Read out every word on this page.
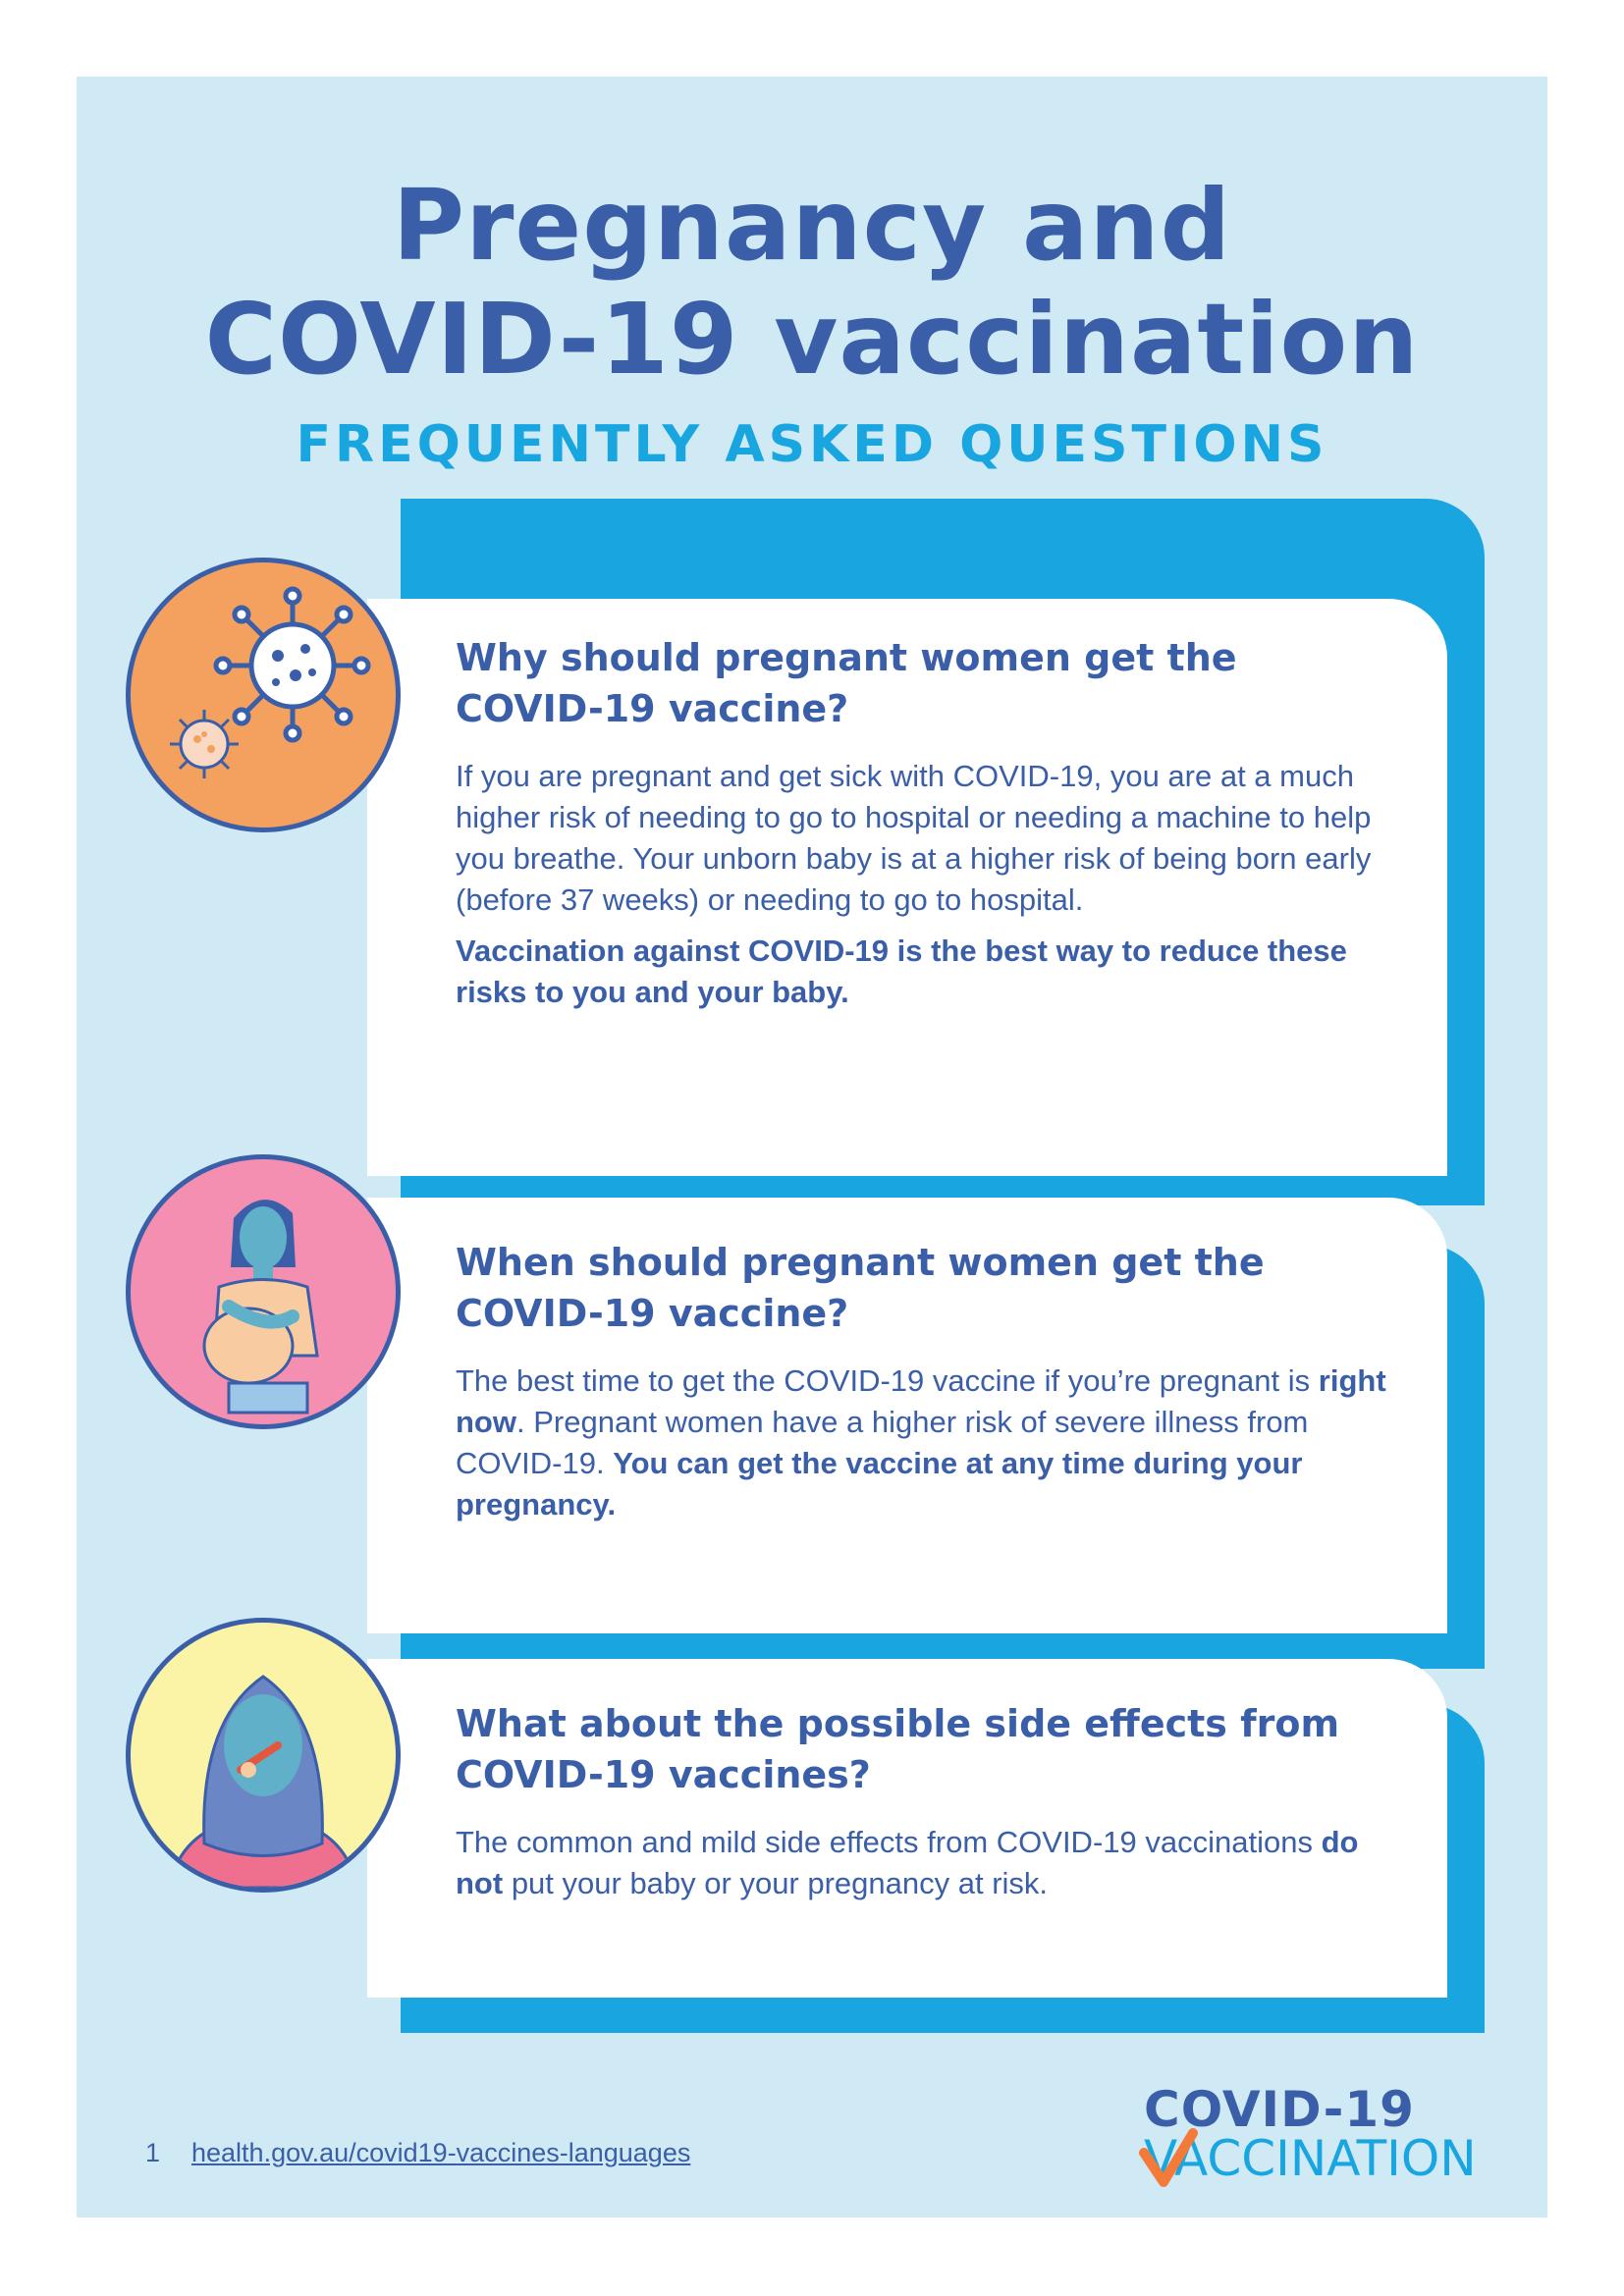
Pregnancy and
COVID-19 vaccination
FREQUENTLY ASKED QUESTIONS
Why should pregnant women get the COVID-19 vaccine?

If you are pregnant and get sick with COVID-19, you are at a much higher risk of needing to go to hospital or needing a machine to help you breathe. Your unborn baby is at a higher risk of being born early (before 37 weeks) or needing to go to hospital.

Vaccination against COVID-19 is the best way to reduce these risks to you and your baby.

When should pregnant women get the COVID-19 vaccine?

The best time to get the COVID-19 vaccine if you’re pregnant is right now. Pregnant women have a higher risk of severe illness from COVID-19. You can get the vaccine at any time during your pregnancy.

What about the possible side effects from COVID-19 vaccines?

The common and mild side effects from COVID-19 vaccinations do not put your baby or your pregnancy at risk.

1 health.gov.au/covid19-vaccines-languages
COVID-19
VACCINATION
